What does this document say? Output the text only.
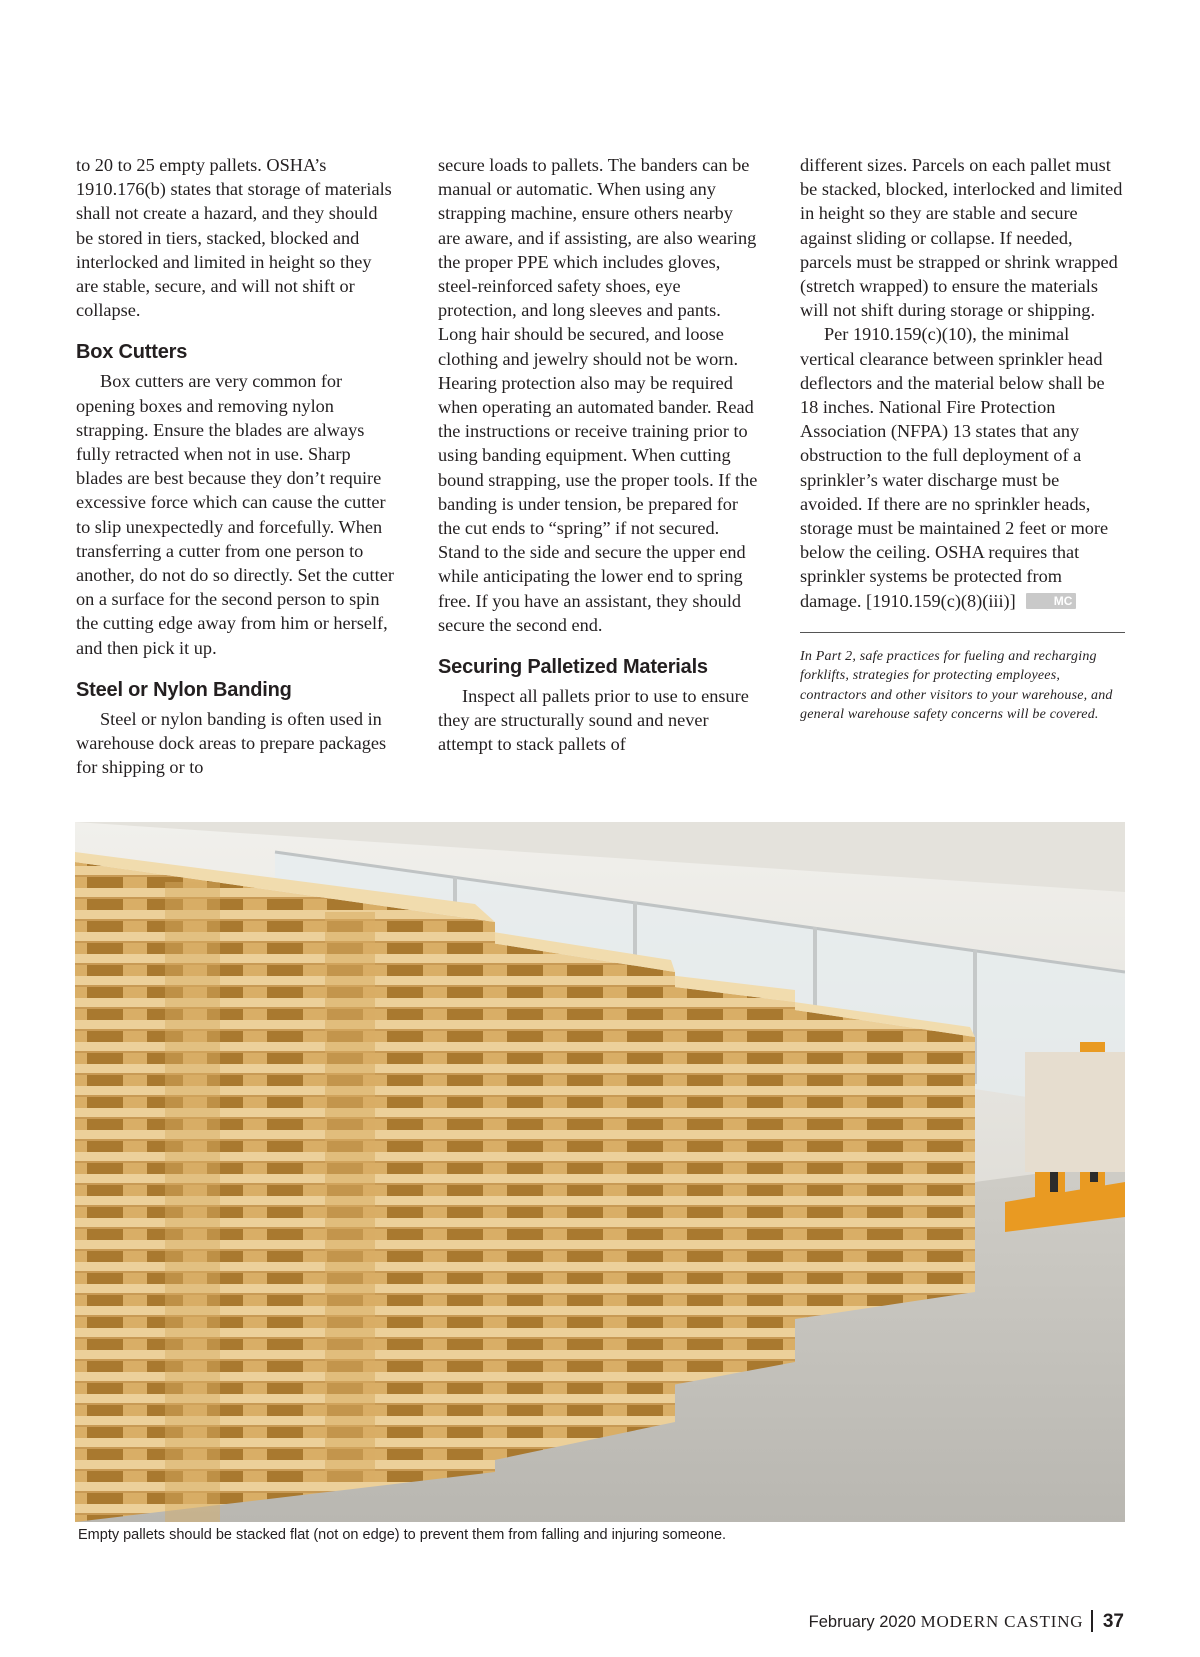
to 20 to 25 empty pallets. OSHA’s 1910.176(b) states that storage of materials shall not create a hazard, and they should be stored in tiers, stacked, blocked and interlocked and limited in height so they are stable, secure, and will not shift or collapse.

Box Cutters

Box cutters are very common for opening boxes and removing nylon strapping. Ensure the blades are always fully retracted when not in use. Sharp blades are best because they don’t require excessive force which can cause the cutter to slip unexpectedly and forcefully. When transferring a cutter from one person to another, do not do so directly. Set the cutter on a surface for the second person to spin the cutting edge away from him or herself, and then pick it up.

Steel or Nylon Banding

Steel or nylon banding is often used in warehouse dock areas to prepare packages for shipping or to

secure loads to pallets. The banders can be manual or automatic. When using any strapping machine, ensure others nearby are aware, and if assisting, are also wearing the proper PPE which includes gloves, steel-reinforced safety shoes, eye protection, and long sleeves and pants. Long hair should be secured, and loose clothing and jewelry should not be worn. Hearing protection also may be required when operating an automated bander. Read the instructions or receive training prior to using banding equipment. When cutting bound strapping, use the proper tools. If the banding is under tension, be prepared for the cut ends to “spring” if not secured. Stand to the side and secure the upper end while anticipating the lower end to spring free. If you have an assistant, they should secure the second end.

Securing Palletized Materials

Inspect all pallets prior to use to ensure they are structurally sound and never attempt to stack pallets of

different sizes. Parcels on each pallet must be stacked, blocked, interlocked and limited in height so they are stable and secure against sliding or collapse. If needed, parcels must be strapped or shrink wrapped (stretch wrapped) to ensure the materials will not shift during storage or shipping.

Per 1910.159(c)(10), the minimal vertical clearance between sprinkler head deflectors and the material below shall be 18 inches. National Fire Protection Association (NFPA) 13 states that any obstruction to the full deployment of a sprinkler’s water discharge must be avoided. If there are no sprinkler heads, storage must be maintained 2 feet or more below the ceiling. OSHA requires that sprinkler systems be protected from damage. [1910.159(c)(8)(iii)]	MC

In Part 2, safe practices for fueling and recharging forklifts, strategies for protecting employees, contractors and other visitors to your warehouse, and general warehouse safety concerns will be covered.

Empty pallets should be stacked flat (not on edge) to prevent them from falling and injuring someone.
February 2020 MODERN CASTING 37
